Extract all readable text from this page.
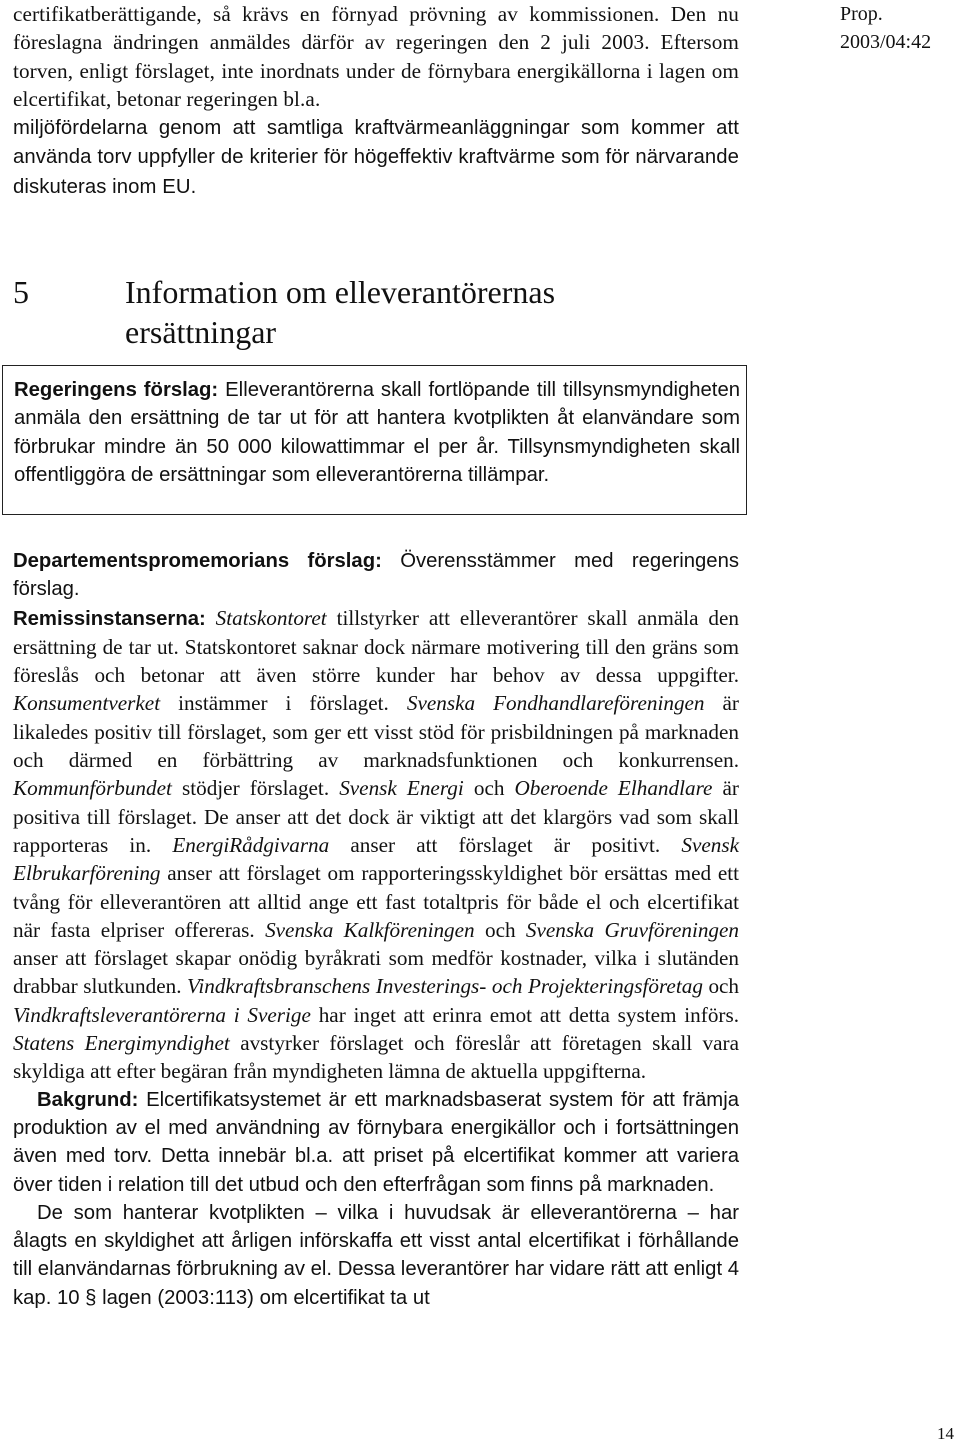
Prop. 2003/04:42

certifikatberättigande, så krävs en förnyad prövning av kommissionen. Den nu föreslagna ändringen anmäldes därför av regeringen den 2 juli 2003. Eftersom torven, enligt förslaget, inte inordnats under de förnybara energikällorna i lagen om elcertifikat, betonar regeringen bl.a.
miljöfördelarna genom att samtliga kraftvärmeanläggningar som kommer att använda torv uppfyller de kriterier för högeffektiv kraftvärme som för närvarande diskuteras inom EU.

5	Information om elleverantörernas
ersättningar

Regeringens förslag: Elleverantörerna skall fortlöpande till tillsynsmyndigheten anmäla den ersättning de tar ut för att hantera kvotplikten åt elanvändare som förbrukar mindre än 50 000 kilowattimmar el per år. Tillsynsmyndigheten skall offentliggöra de ersättningar som elleverantörerna tillämpar.

Departementspromemorians förslag: Överensstämmer med regeringens förslag.

Remissinstanserna: Statskontoret tillstyrker att elleverantörer skall anmäla den ersättning de tar ut. Statskontoret saknar dock närmare motivering till den gräns som föreslås och betonar att även större kunder har behov av dessa uppgifter. Konsumentverket instämmer i förslaget. Svenska Fondhandlareföreningen är likaledes positiv till förslaget, som ger ett visst stöd för prisbildningen på marknaden och därmed en förbättring av marknadsfunktionen och konkurrensen. Kommunförbundet stödjer förslaget. Svensk Energi och Oberoende Elhandlare är positiva till förslaget. De anser att det dock är viktigt att det klargörs vad som skall rapporteras in. EnergiRådgivarna anser att förslaget är positivt. Svensk Elbrukarförening anser att förslaget om rapporteringsskyldighet bör ersättas med ett tvång för elleverantören att alltid ange ett fast totaltpris för både el och elcertifikat när fasta elpriser offereras. Svenska Kalkföreningen och Svenska Gruvföreningen anser att förslaget skapar onödig byråkrati som medför kostnader, vilka i slutänden drabbar slutkunden. Vindkraftsbranschens Investerings- och Projekteringsföretag och Vindkraftsleverantörerna i Sverige har inget att erinra emot att detta system införs. Statens Energimyndighet avstyrker förslaget och föreslår att företagen skall vara skyldiga att efter begäran från myndigheten lämna de aktuella uppgifterna.

Bakgrund: Elcertifikatsystemet är ett marknadsbaserat system för att främja produktion av el med användning av förnybara energikällor och i fortsättningen även med torv. Detta innebär bl.a. att priset på elcertifikat kommer att variera över tiden i relation till det utbud och den efterfrågan som finns på marknaden.

De som hanterar kvotplikten – vilka i huvudsak är elleverantörerna – har ålagts en skyldighet att årligen införskaffa ett visst antal elcertifikat i förhållande till elanvändarnas förbrukning av el. Dessa leverantörer har vidare rätt att enligt 4 kap. 10 § lagen (2003:113) om elcertifikat ta ut

14
